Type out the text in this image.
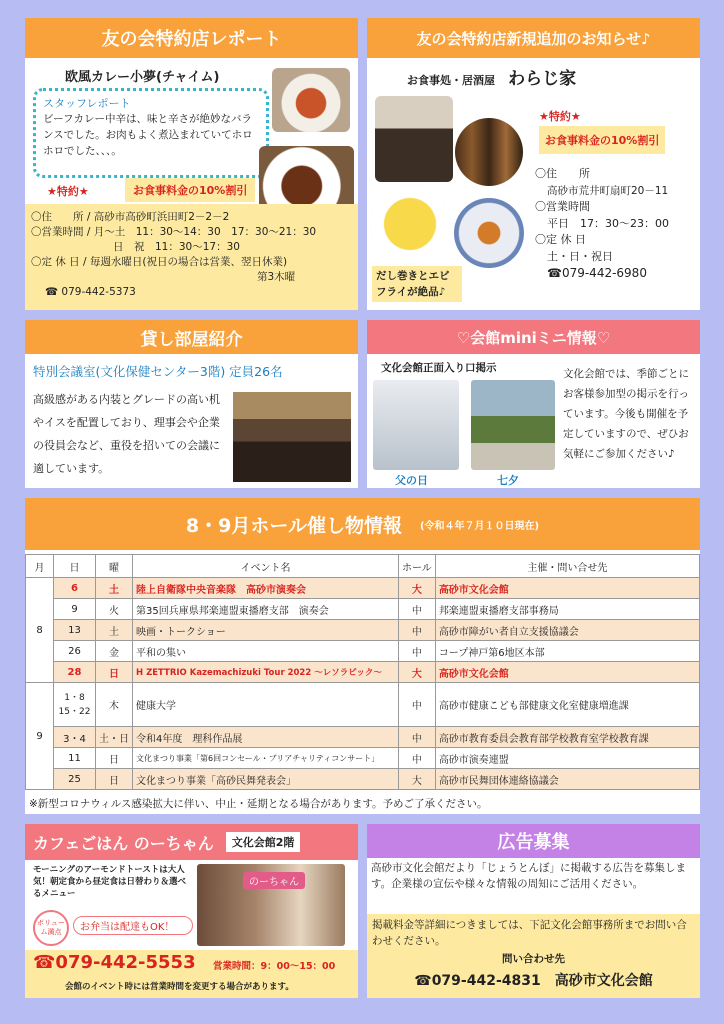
友の会特約店レポート
欧風カレー小夢(チャイム)
スタッフレポート
ビーフカレー中辛は、味と辛さが絶妙なバランスでした。お肉もよく煮込まれていてホロホロでした、、、。
★特約★	お食事料金の10%割引
〇住　　所 / 高砂市高砂町浜田町2－2－2
〇営業時間 / 月～土　11：30～14：30　17：30～21：30
日　祝　11：30～17：30
〇定 休 日 / 毎週水曜日(祝日の場合は営業、翌日休業)
第3木曜
☎ 079-442-5373
友の会特約店新規追加のお知らせ♪
お食事処・居酒屋 わらじ家
だし巻きとエビフライが絶品♪
★特約★
お食事料金の10%割引
〇住　　所
高砂市荒井町扇町20－11
〇営業時間
平日　17：30～23：00
〇定 休 日
土・日・祝日
☎079-442-6980
貸し部屋紹介
特別会議室(文化保健センター3階) 定員26名
高級感がある内装とグレードの高い机やイスを配置しており、理事会や企業の役員会など、重役を招いての会議に適しています。
♡会館miniミニ情報♡
文化会館正面入り口掲示
父の日	七夕
文化会館では、季節ごとにお客様参加型の掲示を行っています。今後も開催を予定していますので、ぜひお気軽にご参加ください♪
8・9月ホール催し物情報 (令和４年７月１０日現在)
月	日	曜	イベント名	ホール	主催・問い合せ先
8	6	土	陸上自衛隊中央音楽隊　高砂市演奏会	大	高砂市文化会館
	9	火	第35回兵庫県邦楽連盟東播磨支部　演奏会	中	邦楽連盟東播磨支部事務局
	13	土	映画・トークショー	中	高砂市障がい者自立支援協議会
	26	金	平和の集い	中	コープ神戸第6地区本部
	28	日	H ZETTRIO Kazemachizuki Tour 2022 ～レソラピック～	大	高砂市文化会館
9	1・8 15・22	木	健康大学	中	高砂市健康こども部健康文化室健康増進課
	3・4	土・日	令和4年度　理科作品展	中	高砂市教育委員会教育部学校教育室学校教育課
	11	日	文化まつり事業「第6回コンセール・ブリアチャリティコンサート」	中	高砂市演奏連盟
	25	日	文化まつり事業「高砂民舞発表会」	大	高砂市民舞団体連絡協議会
※新型コロナウィルス感染拡大に伴い、中止・延期となる場合があります。予めご了承ください。
カフェごはん のーちゃん	文化会館2階
モーニングのアーモンドトーストは大人気！朝定食から昼定食は日替わり＆選べるメニュー
ボリューム満点	お弁当は配達もOK！
のーちゃん
☎079-442-5553 営業時間：9：00～15：00
会館のイベント時には営業時間を変更する場合があります。
広告募集
高砂市文化会館だより「じょうとんぼ」に掲載する広告を募集します。企業様の宣伝や様々な情報の周知にご活用ください。
掲載料金等詳細につきましては、下記文化会館事務所までお問い合わせください。
問い合わせ先
☎079-442-4831　高砂市文化会館
